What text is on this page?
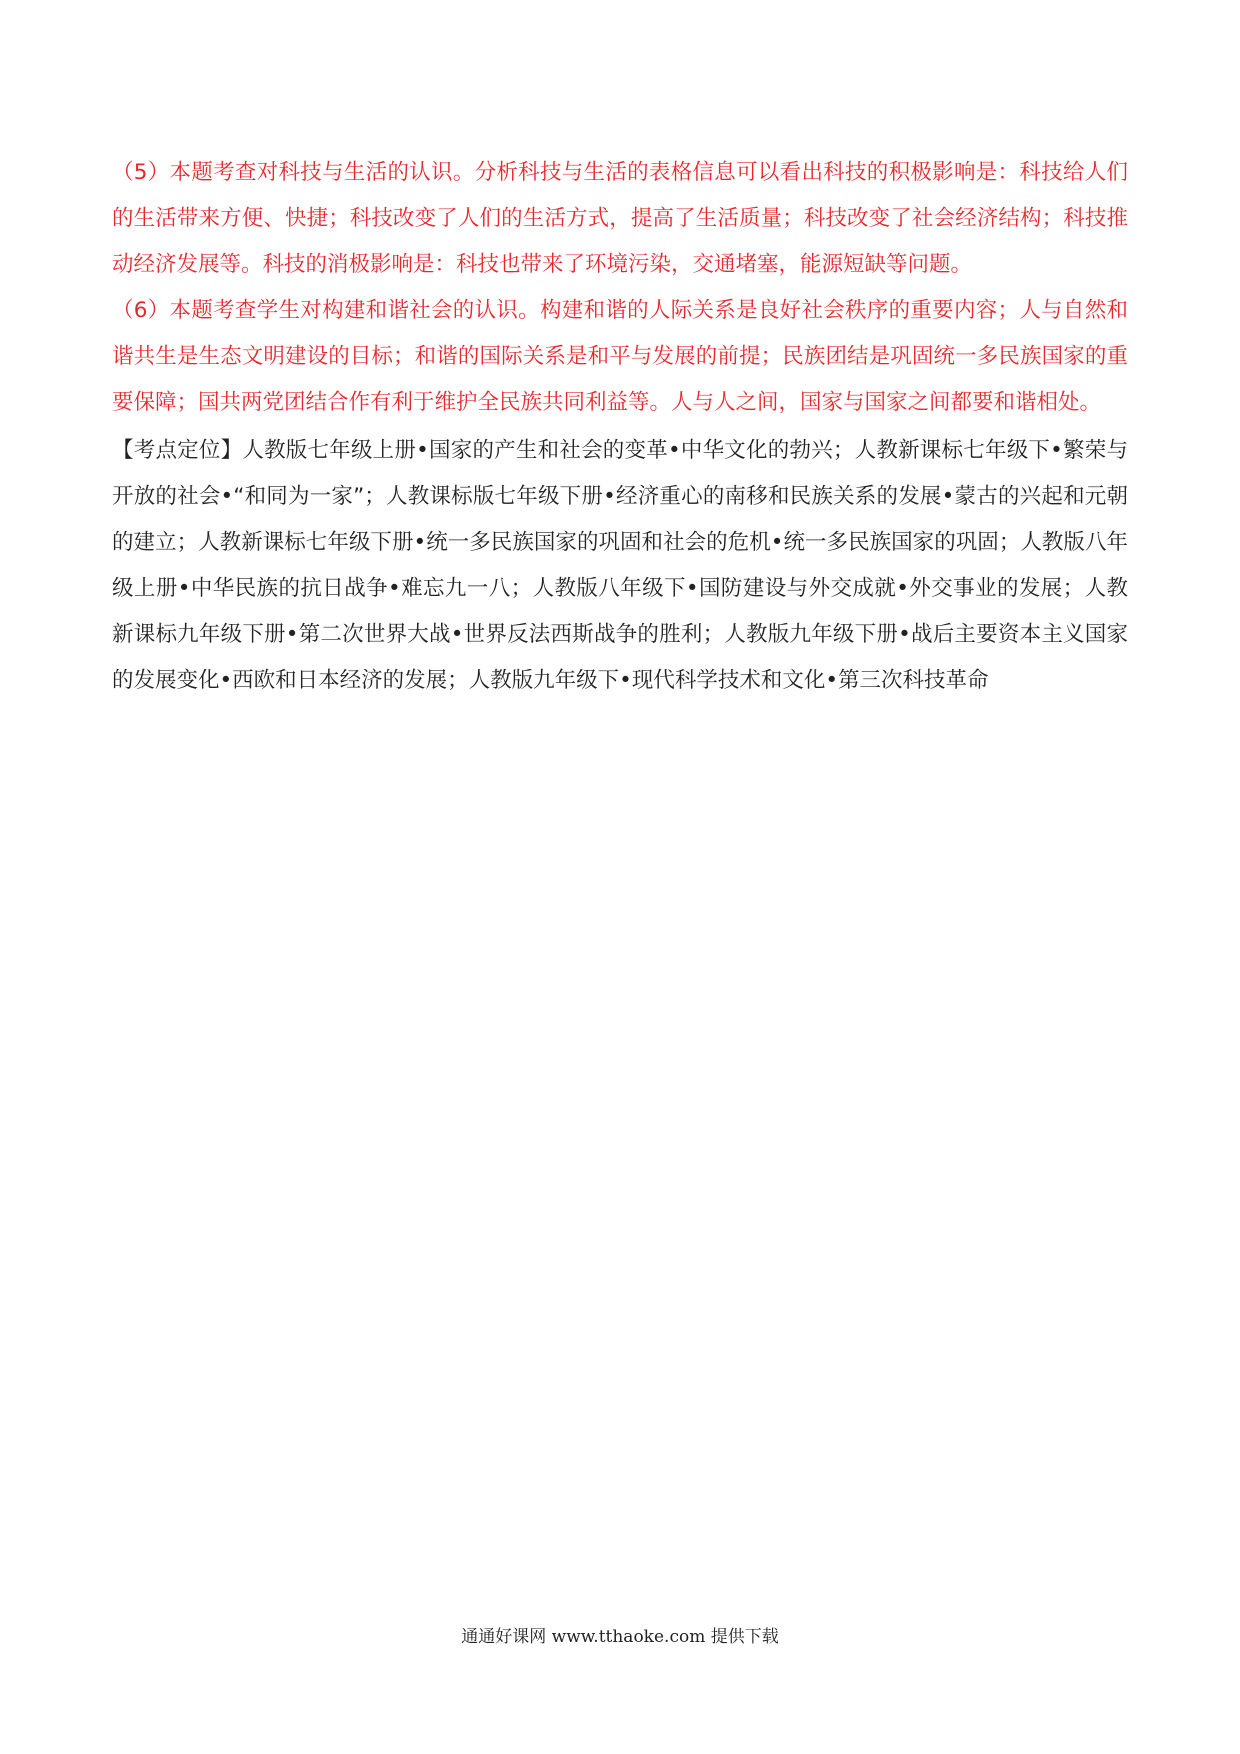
（5）本题考查对科技与生活的认识。分析科技与生活的表格信息可以看出科技的积极影响是：科技给人们的生活带来方便、快捷；科技改变了人们的生活方式，提高了生活质量；科技改变了社会经济结构；科技推动经济发展等。科技的消极影响是：科技也带来了环境污染，交通堵塞，能源短缺等问题。

（6）本题考查学生对构建和谐社会的认识。构建和谐的人际关系是良好社会秩序的重要内容；人与自然和谐共生是生态文明建设的目标；和谐的国际关系是和平与发展的前提；民族团结是巩固统一多民族国家的重要保障；国共两党团结合作有利于维护全民族共同利益等。人与人之间，国家与国家之间都要和谐相处。

【考点定位】人教版七年级上册•国家的产生和社会的变革•中华文化的勃兴；人教新课标七年级下•繁荣与开放的社会•“和同为一家”；人教课标版七年级下册•经济重心的南移和民族关系的发展•蒙古的兴起和元朝的建立；人教新课标七年级下册•统一多民族国家的巩固和社会的危机•统一多民族国家的巩固；人教版八年级上册•中华民族的抗日战争•难忘九一八；人教版八年级下•国防建设与外交成就•外交事业的发展；人教新课标九年级下册•第二次世界大战•世界反法西斯战争的胜利；人教版九年级下册•战后主要资本主义国家的发展变化•西欧和日本经济的发展；人教版九年级下•现代科学技术和文化•第三次科技革命

通通好课网 www.tthaoke.com 提供下载
